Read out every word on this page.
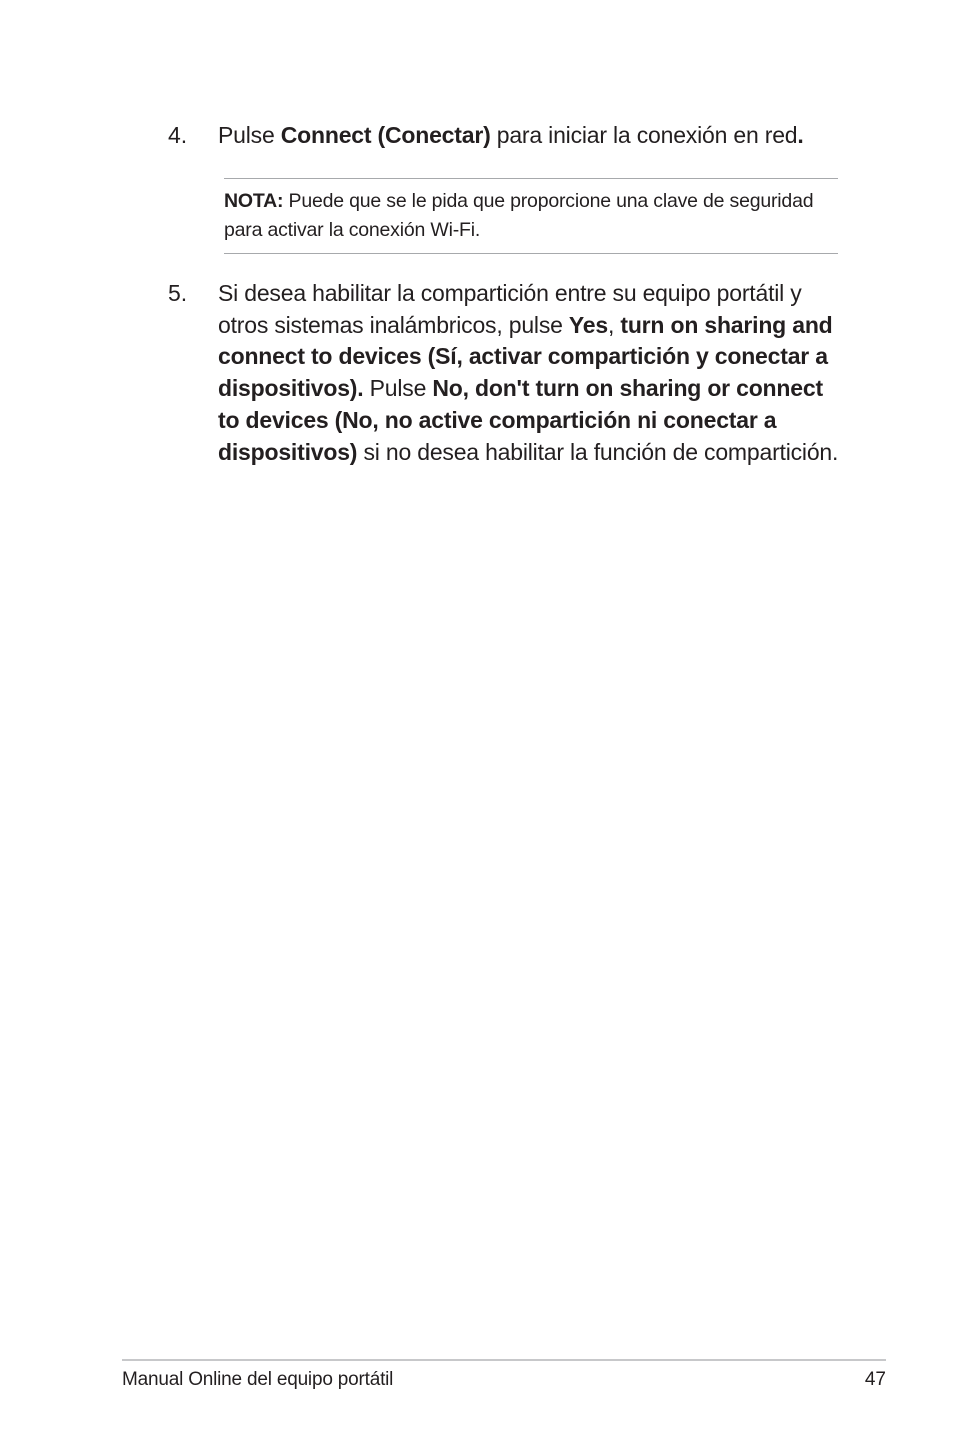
4.	Pulse Connect (Conectar) para iniciar la conexión en red.
NOTA: Puede que se le pida que proporcione una clave de seguridad para activar la conexión Wi-Fi.
5.	Si desea habilitar la compartición entre su equipo portátil y otros sistemas inalámbricos, pulse Yes, turn on sharing and connect to devices (Sí, activar compartición y conectar a dispositivos). Pulse No, don't turn on sharing or connect to devices (No, no active compartición ni conectar a dispositivos) si no desea habilitar la función de compartición.
Manual Online del equipo portátil	47
